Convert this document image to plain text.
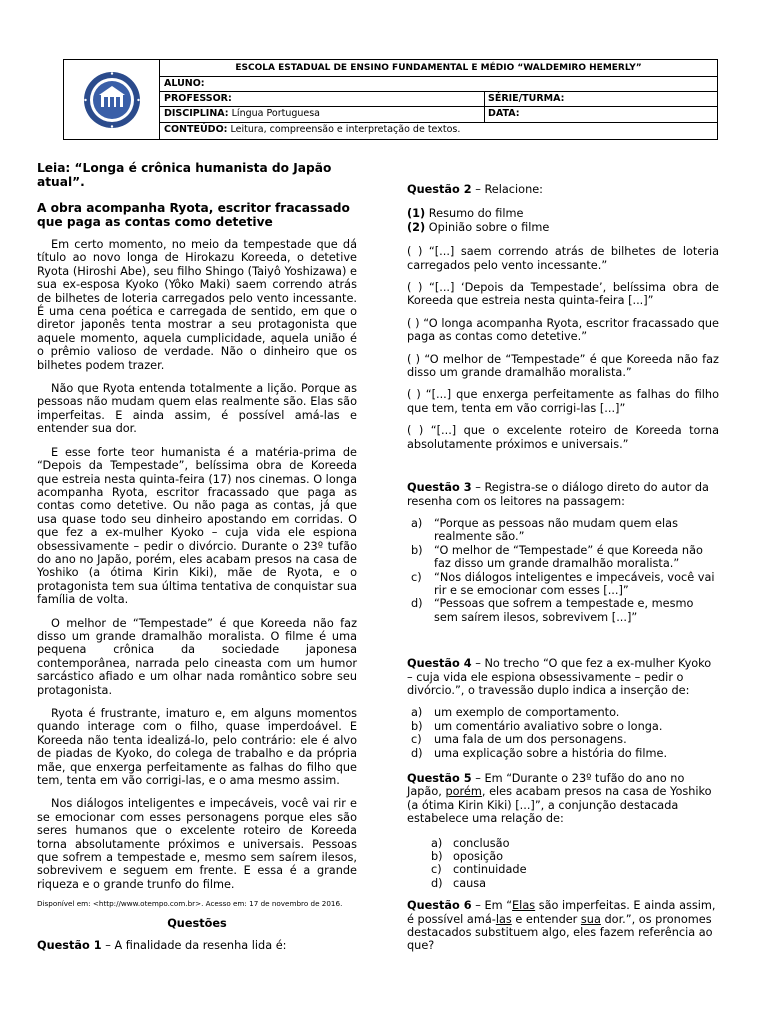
ESCOLA ESTADUAL DE ENSINO FUNDAMENTAL E MÉDIO “WALDEMIRO HEMERLY”
ALUNO:
PROFESSOR:	SÉRIE/TURMA:
DISCIPLINA: Língua Portuguesa	DATA:
CONTEÚDO: Leitura, compreensão e interpretação de textos.

Leia: “Longa é crônica humanista do Japão atual”.

A obra acompanha Ryota, escritor fracassado que paga as contas como detetive

Em certo momento, no meio da tempestade que dá título ao novo longa de Hirokazu Koreeda, o detetive Ryota (Hiroshi Abe), seu filho Shingo (Taiyô Yoshizawa) e sua ex-esposa Kyoko (Yôko Maki) saem correndo atrás de bilhetes de loteria carregados pelo vento incessante. É uma cena poética e carregada de sentido, em que o diretor japonês tenta mostrar a seu protagonista que aquele momento, aquela cumplicidade, aquela união é o prêmio valioso de verdade. Não o dinheiro que os bilhetes podem trazer.

Não que Ryota entenda totalmente a lição. Porque as pessoas não mudam quem elas realmente são. Elas são imperfeitas. E ainda assim, é possível amá-las e entender sua dor.

E esse forte teor humanista é a matéria-prima de “Depois da Tempestade”, belíssima obra de Koreeda que estreia nesta quinta-feira (17) nos cinemas. O longa acompanha Ryota, escritor fracassado que paga as contas como detetive. Ou não paga as contas, já que usa quase todo seu dinheiro apostando em corridas. O que fez a ex-mulher Kyoko – cuja vida ele espiona obsessivamente – pedir o divórcio. Durante o 23º tufão do ano no Japão, porém, eles acabam presos na casa de Yoshiko (a ótima Kirin Kiki), mãe de Ryota, e o protagonista tem sua última tentativa de conquistar sua família de volta.

O melhor de “Tempestade” é que Koreeda não faz disso um grande dramalhão moralista. O filme é uma pequena crônica da sociedade japonesa contemporânea, narrada pelo cineasta com um humor sarcástico afiado e um olhar nada romântico sobre seu protagonista.

Ryota é frustrante, imaturo e, em alguns momentos quando interage com o filho, quase imperdoável. E Koreeda não tenta idealizá-lo, pelo contrário: ele é alvo de piadas de Kyoko, do colega de trabalho e da própria mãe, que enxerga perfeitamente as falhas do filho que tem, tenta em vão corrigi-las, e o ama mesmo assim.

Nos diálogos inteligentes e impecáveis, você vai rir e se emocionar com esses personagens porque eles são seres humanos que o excelente roteiro de Koreeda torna absolutamente próximos e universais. Pessoas que sofrem a tempestade e, mesmo sem saírem ilesos, sobrevivem e seguem em frente. E essa é a grande riqueza e o grande trunfo do filme.

Disponível em: <http://www.otempo.com.br>. Acesso em: 17 de novembro de 2016.

Questões

Questão 1 – A finalidade da resenha lida é:

Questão 2 – Relacione:

(1) Resumo do filme

(2) Opinião sobre o filme

( ) “[...] saem correndo atrás de bilhetes de loteria carregados pelo vento incessante.”

( ) “[...] ‘Depois da Tempestade’, belíssima obra de Koreeda que estreia nesta quinta-feira [...]”

( ) “O longa acompanha Ryota, escritor fracassado que paga as contas como detetive.”

( ) “O melhor de “Tempestade” é que Koreeda não faz disso um grande dramalhão moralista.”

( ) “[...] que enxerga perfeitamente as falhas do filho que tem, tenta em vão corrigi-las [...]”

( ) “[...] que o excelente roteiro de Koreeda torna absolutamente próximos e universais.”

Questão 3 – Registra-se o diálogo direto do autor da resenha com os leitores na passagem:

a) “Porque as pessoas não mudam quem elas realmente são.”
b) “O melhor de “Tempestade” é que Koreeda não faz disso um grande dramalhão moralista.”
c) “Nos diálogos inteligentes e impecáveis, você vai rir e se emocionar com esses [...]”
d) “Pessoas que sofrem a tempestade e, mesmo sem saírem ilesos, sobrevivem [...]”

Questão 4 – No trecho “O que fez a ex-mulher Kyoko – cuja vida ele espiona obsessivamente – pedir o divórcio.”, o travessão duplo indica a inserção de:

a) um exemplo de comportamento.
b) um comentário avaliativo sobre o longa.
c) uma fala de um dos personagens.
d) uma explicação sobre a história do filme.

Questão 5 – Em “Durante o 23º tufão do ano no Japão, porém, eles acabam presos na casa de Yoshiko (a ótima Kirin Kiki) [...]”, a conjunção destacada estabelece uma relação de:

a) conclusão
b) oposição
c) continuidade
d) causa

Questão 6 – Em “Elas são imperfeitas. E ainda assim, é possível amá-las e entender sua dor.”, os pronomes destacados substituem algo, eles fazem referência ao que?
